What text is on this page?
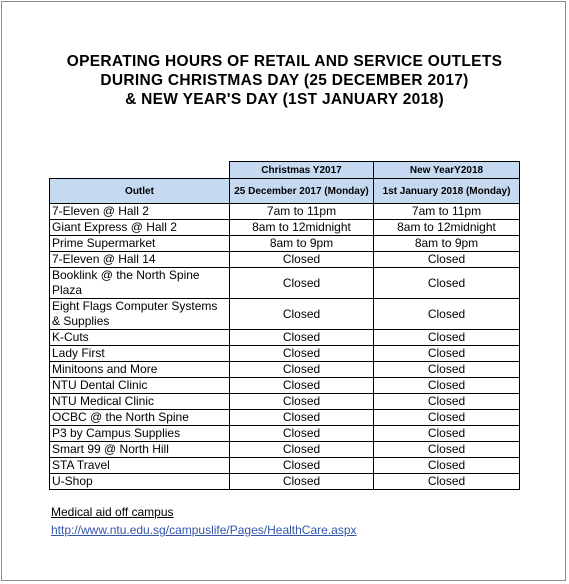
OPERATING HOURS OF RETAIL AND SERVICE OUTLETS
DURING CHRISTMAS DAY (25 DECEMBER 2017)
& NEW YEAR'S DAY (1ST JANUARY 2018)
	Christmas Y2017	New YearY2018
Outlet	25 December 2017 (Monday)	1st January 2018 (Monday)
7-Eleven @ Hall 2	7am to 11pm	7am to 11pm
Giant Express @ Hall 2	8am to 12midnight	8am to 12midnight
Prime Supermarket	8am to 9pm	8am to 9pm
7-Eleven @ Hall 14	Closed	Closed
Booklink @ the North Spine Plaza	Closed	Closed
Eight Flags Computer Systems & Supplies	Closed	Closed
K-Cuts	Closed	Closed
Lady First	Closed	Closed
Minitoons and More	Closed	Closed
NTU Dental Clinic	Closed	Closed
NTU Medical Clinic	Closed	Closed
OCBC @ the North Spine	Closed	Closed
P3 by Campus Supplies	Closed	Closed
Smart 99 @ North Hill	Closed	Closed
STA Travel	Closed	Closed
U-Shop	Closed	Closed
Medical aid off campus
http://www.ntu.edu.sg/campuslife/Pages/HealthCare.aspx
